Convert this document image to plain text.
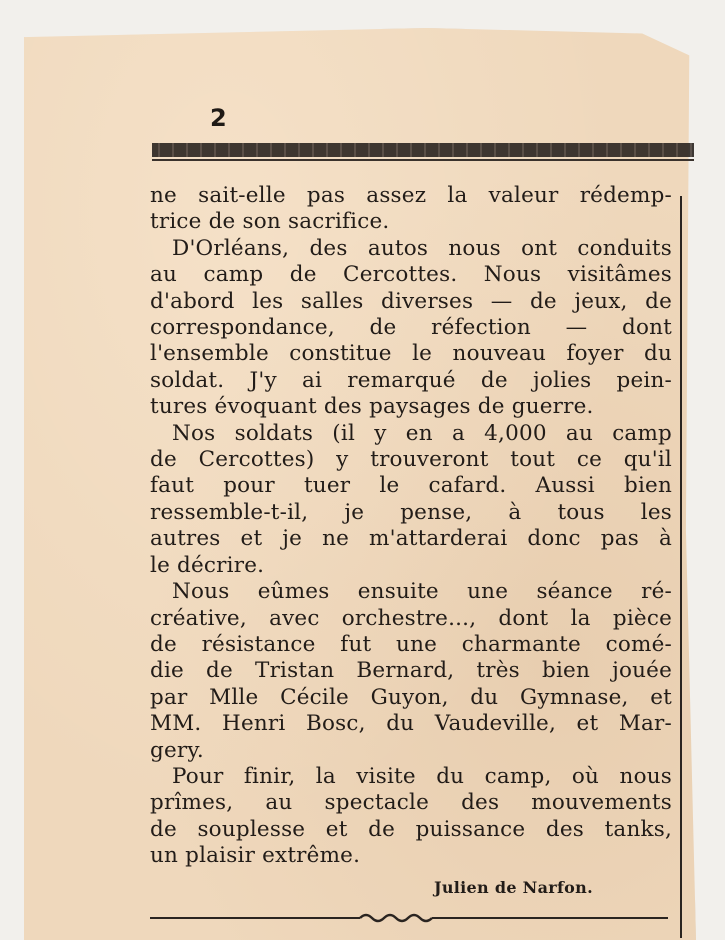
2
ne sait-elle pas assez la valeur rédemp-
trice de son sacrifice.
D'Orléans, des autos nous ont conduits
au camp de Cercottes. Nous visitâmes
d'abord les salles diverses — de jeux, de
correspondance, de réfection — dont
l'ensemble constitue le nouveau foyer du
soldat. J'y ai remarqué de jolies pein-
tures évoquant des paysages de guerre.
Nos soldats (il y en a 4,000 au camp
de Cercottes) y trouveront tout ce qu'il
faut pour tuer le cafard. Aussi bien
ressemble-t-il, je pense, à tous les
autres et je ne m'attarderai donc pas à
le décrire.
Nous eûmes ensuite une séance ré-
créative, avec orchestre..., dont la pièce
de résistance fut une charmante comé-
die de Tristan Bernard, très bien jouée
par Mlle Cécile Guyon, du Gymnase, et
MM. Henri Bosc, du Vaudeville, et Mar-
gery.
Pour finir, la visite du camp, où nous
prîmes, au spectacle des mouvements
de souplesse et de puissance des tanks,
un plaisir extrême.
Julien de Narfon.
